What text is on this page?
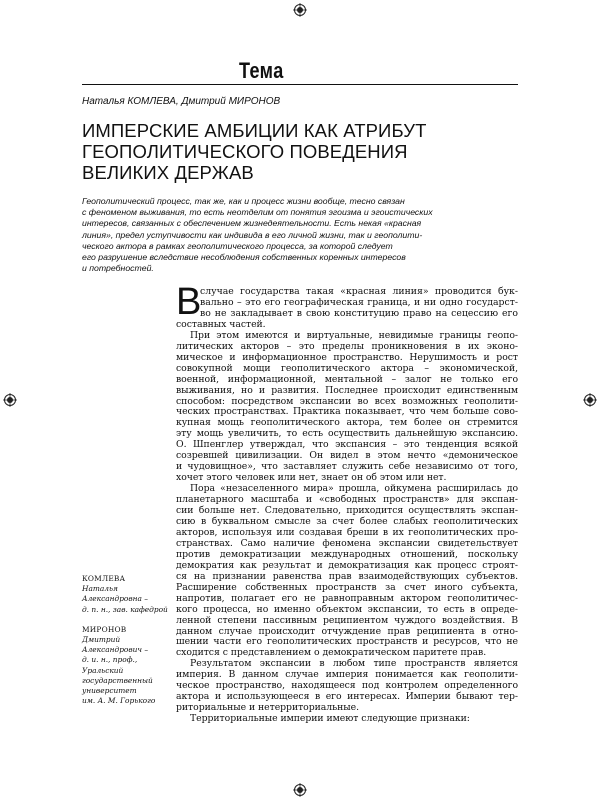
Тема
Наталья КОМЛЕВА, Дмитрий МИРОНОВ
ИМПЕРСКИЕ АМБИЦИИ КАК АТРИБУТ
ГЕОПОЛИТИЧЕСКОГО ПОВЕДЕНИЯ
ВЕЛИКИХ ДЕРЖАВ
Геополитический процесс, так же, как и процесс жизни вообще, тесно связан
с феноменом выживания, то есть неотделим от понятия эгоизма и эгоистических
интересов, связанных с обеспечением жизнедеятельности. Есть некая «красная
линия», предел уступчивости как индивида в его личной жизни, так и геополити-
ческого актора в рамках геополитического процесса, за которой следует
его разрушение вследствие несоблюдения собственных коренных интересов
и потребностей.
В
случае государства такая «красная линия» проводится бук-
вально – это его географическая граница, и ни одно государст-
во не закладывает в свою конституцию право на сецессию его
составных частей.
При этом имеются и виртуальные, невидимые границы геопо-
литических акторов – это пределы проникновения в их эконо-
мическое и информационное пространство. Нерушимость и рост
совокупной мощи геополитического актора – экономической,
военной, информационной, ментальной – залог не только его
выживания, но и развития. Последнее происходит единственным
способом: посредством экспансии во всех возможных геополити-
ческих пространствах. Практика показывает, что чем больше сово-
купная мощь геополитического актора, тем более он стремится
эту мощь увеличить, то есть осуществить дальнейшую экспансию.
О. Шпенглер утверждал, что экспансия – это тенденция всякой
созревшей цивилизации. Он видел в этом нечто «демоническое
и чудовищное», что заставляет служить себе независимо от того,
хочет этого человек или нет, знает он об этом или нет.
Пора «незаселенного мира» прошла, ойкумена расширилась до
планетарного масштаба и «свободных пространств» для экспан-
сии больше нет. Следовательно, приходится осуществлять экспан-
сию в буквальном смысле за счет более слабых геополитических
акторов, используя или создавая бреши в их геополитических про-
странствах. Само наличие феномена экспансии свидетельствует
против демократизации международных отношений, поскольку
демократия как результат и демократизация как процесс строят-
ся на признании равенства прав взаимодействующих субъектов.
Расширение собственных пространств за счет иного субъекта,
напротив, полагает его не равноправным актором геополитичес-
кого процесса, но именно объектом экспансии, то есть в опреде-
ленной степени пассивным реципиентом чуждого воздействия. В
данном случае происходит отчуждение прав реципиента в отно-
шении части его геополитических пространств и ресурсов, что не
сходится с представлением о демократическом паритете прав.
Результатом экспансии в любом типе пространств является
империя. В данном случае империя понимается как геополити-
ческое пространство, находящееся под контролем определенного
актора и использующееся в его интересах. Империи бывают тер-
риториальные и нетерриториальные.
Территориальные империи имеют следующие признаки:
КОМЛЕВА
Наталья
Александровна –
д. п. н., зав. кафедрой
МИРОНОВ
Дмитрий
Александрович –
д. и. н., проф.,
Уральский
государственный
университет
им. А. М. Горького
